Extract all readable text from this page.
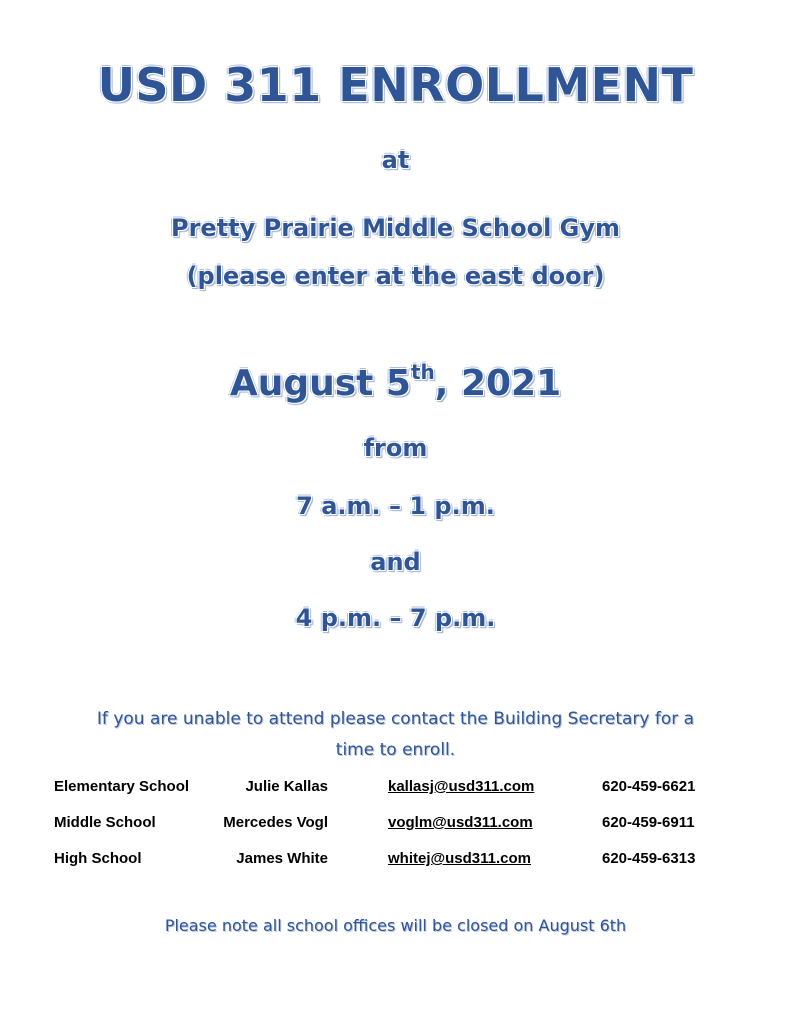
USD 311 ENROLLMENT
at
Pretty Prairie Middle School Gym
(please enter at the east door)
August 5th, 2021
from
7 a.m. – 1 p.m.
and
4 p.m. – 7 p.m.
If you are unable to attend please contact the Building Secretary for a
time to enroll.
Elementary School	Julie Kallas	kallasj@usd311.com	620-459-6621
Middle School	Mercedes Vogl	voglm@usd311.com	620-459-6911
High School	James White	whitej@usd311.com	620-459-6313
Please note all school offices will be closed on August 6th
